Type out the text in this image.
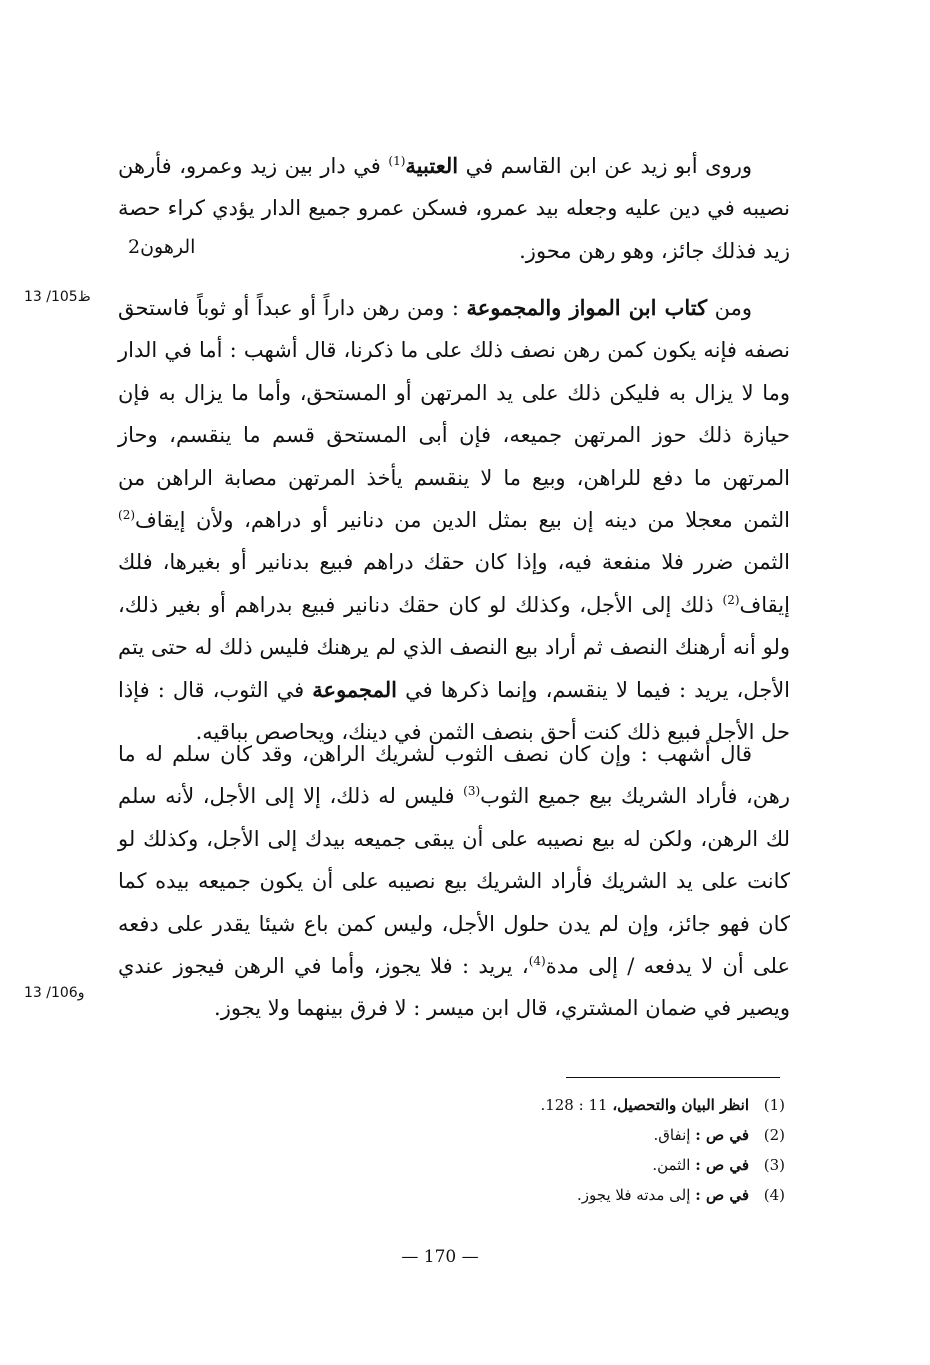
وروى أبو زيد عن ابن القاسم في العتبية$^{(1)}$ في دار بين زيد وعمرو، فأرهن نصيبه في دين عليه وجعله بيد عمرو، فسكن عمرو جميع الدار يؤدي كراء حصة زيد فذلك جائز، وهو رهن محوز.

الرهون2
13 /105ظ	ومن كتاب ابن المواز والمجموعة : ومن رهن داراً أو عبداً أو ثوباً فاستحق نصفه فإنه يكون كمن رهن نصف ذلك على ما ذكرنا، قال أشهب : أما في الدار وما لا يزال به فليكن ذلك على يد المرتهن أو المستحق، وأما ما يزال به فإن حيازة ذلك حوز المرتهن جميعه، فإن أبى المستحق قسم ما ينقسم، وحاز المرتهن ما دفع للراهن، وبيع ما لا ينقسم يأخذ المرتهن مصابة الراهن من الثمن معجلا من دينه إن بيع بمثل الدين من دنانير أو دراهم، ولأن إيقاف$^{(2)}$ الثمن ضرر فلا منفعة فيه، وإذا كان حقك دراهم فبيع بدنانير أو بغيرها، فلك إيقاف$^{(2)}$ ذلك إلى الأجل، وكذلك لو كان حقك دنانير فبيع بدراهم أو بغير ذلك، ولو أنه أرهنك النصف ثم أراد بيع النصف الذي لم يرهنك فليس ذلك له حتى يتم الأجل، يريد : فيما لا ينقسم، وإنما ذكرها في المجموعة في الثوب، قال : فإذا حل الأجل فبيع ذلك كنت أحق بنصف الثمن في دينك، ويحاصص بباقيه.

قال أشهب : وإن كان نصف الثوب لشريك الراهن، وقد كان سلم له ما رهن، فأراد الشريك بيع جميع الثوب$^{(3)}$ فليس له ذلك، إلا إلى الأجل، لأنه سلم لك الرهن، ولكن له بيع نصيبه على أن يبقى جميعه بيدك إلى الأجل، وكذلك لو كانت على يد الشريك فأراد الشريك بيع نصيبه على أن يكون جميعه بيده كما كان فهو جائز، وإن لم يدن حلول الأجل، وليس كمن باع شيئا يقدر على دفعه على أن لا يدفعه / إلى مدة$^{(4)}$، يريد : فلا يجوز، وأما في الرهن فيجوز عندي ويصير في ضمان المشتري، قال ابن ميسر : لا فرق بينهما ولا يجوز.

13 /106و
(1)
انظر البيان والتحصيل، 11 : 128.
(2)
في ص : إنفاق.
(3)
في ص : الثمن.
(4)
في ص : إلى مدته فلا يجوز.
— 170 —
